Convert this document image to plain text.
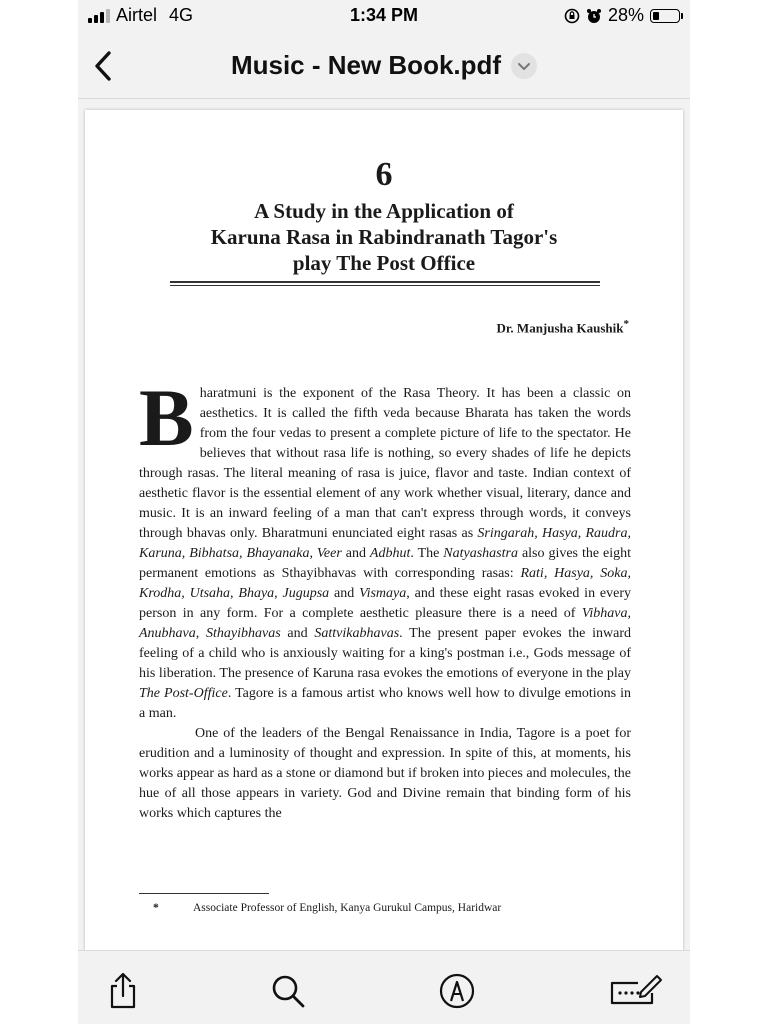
Airtel 4G	1:34 PM	28%
Music - New Book.pdf
6
A Study in the Application of
Karuna Rasa in Rabindranath Tagor's
play The Post Office
Dr. Manjusha Kaushik*

Bharatmuni is the exponent of the Rasa Theory. It has been a classic on aesthetics. It is called the fifth veda because Bharata has taken the words from the four vedas to present a complete picture of life to the spectator. He believes that without rasa life is nothing, so every shades of life he depicts through rasas. The literal meaning of rasa is juice, flavor and taste. Indian context of aesthetic flavor is the essential element of any work whether visual, literary, dance and music. It is an inward feeling of a man that can't express through words, it conveys through bhavas only. Bharatmuni enunciated eight rasas as Sringarah, Hasya, Raudra, Karuna, Bibhatsa, Bhayanaka, Veer and Adbhut. The Natyashastra also gives the eight permanent emotions as Sthayibhavas with corresponding rasas: Rati, Hasya, Soka, Krodha, Utsaha, Bhaya, Jugupsa and Vismaya, and these eight rasas evoked in every person in any form. For a complete aesthetic pleasure there is a need of Vibhava, Anubhava, Sthayibhavas and Sattvikabhavas. The present paper evokes the inward feeling of a child who is anxiously waiting for a king's postman i.e., Gods message of his liberation. The presence of Karuna rasa evokes the emotions of everyone in the play The Post-Office. Tagore is a famous artist who knows well how to divulge emotions in a man.

One of the leaders of the Bengal Renaissance in India, Tagore is a poet for erudition and a luminosity of thought and expression. In spite of this, at moments, his works appear as hard as a stone or diamond but if broken into pieces and molecules, the hue of all those appears in variety. God and Divine remain that binding form of his works which captures the

*	Associate Professor of English, Kanya Gurukul Campus, Haridwar
